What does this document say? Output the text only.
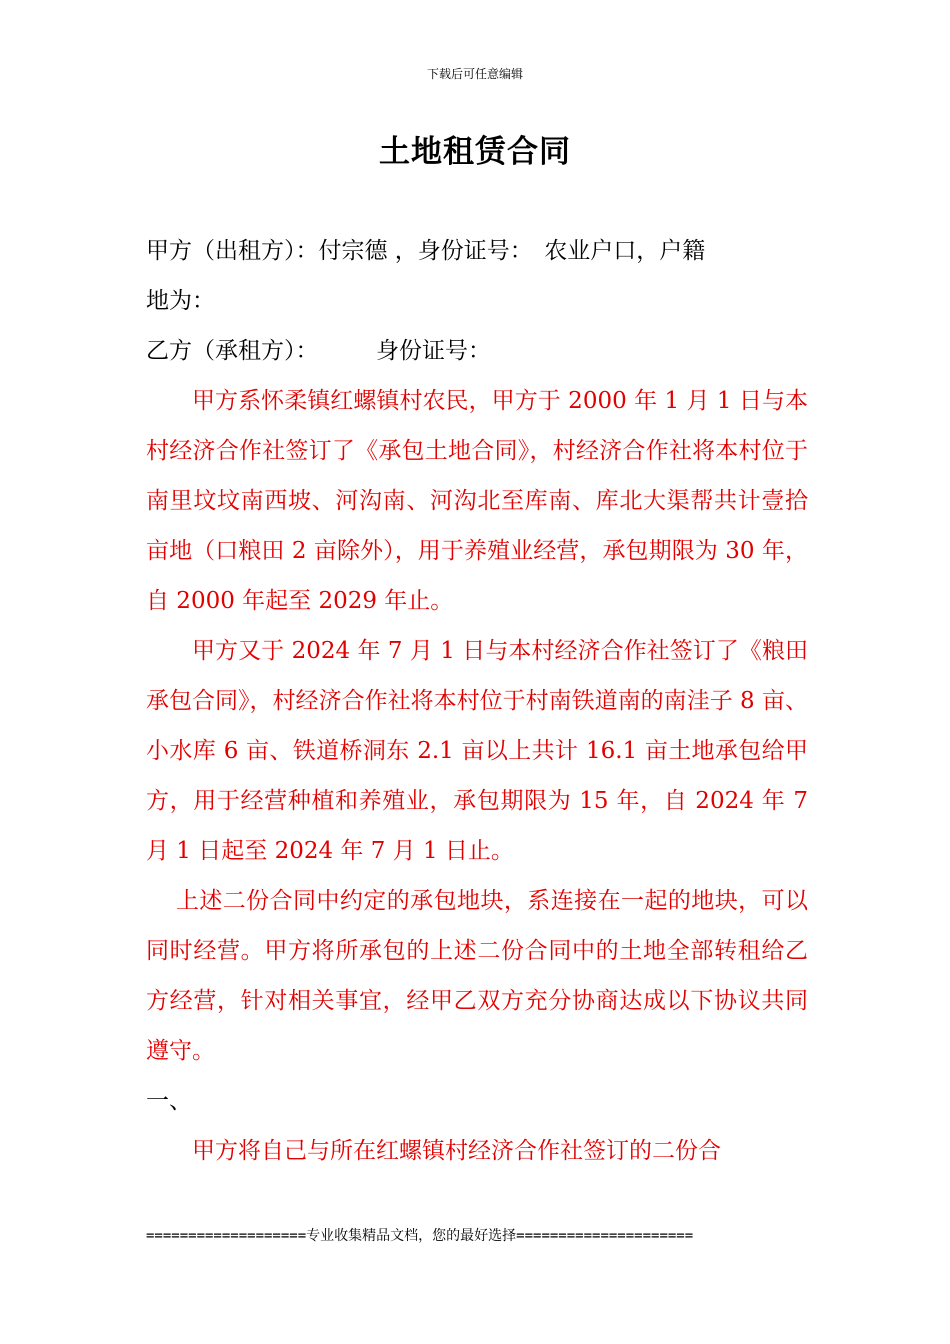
下载后可任意编辑
土地租赁合同

甲方（出租方）：付宗德 ，身份证号：　农业户口，户籍

地为：

乙方（承租方）：　　　身份证号：

甲方系怀柔镇红螺镇村农民，甲方于 2000 年 1 月 1 日与本村经济合作社签订了《承包土地合同》，村经济合作社将本村位于南里坟坟南西坡、河沟南、河沟北至库南、库北大渠帮共计壹拾亩地（口粮田 2 亩除外），用于养殖业经营，承包期限为 30 年，自 2000 年起至 2029 年止。

甲方又于 2024 年 7 月 1 日与本村经济合作社签订了《粮田承包合同》，村经济合作社将本村位于村南铁道南的南洼子 8 亩、小水库 6 亩、铁道桥洞东 2.1 亩以上共计 16.1 亩土地承包给甲方，用于经营种植和养殖业，承包期限为 15 年，自 2024 年 7 月 1 日起至 2024 年 7 月 1 日止。

上述二份合同中约定的承包地块，系连接在一起的地块，可以同时经营。甲方将所承包的上述二份合同中的土地全部转租给乙方经营，针对相关事宜，经甲乙双方充分协商达成以下协议共同遵守。

一、

甲方将自己与所在红螺镇村经济合作社签订的二份合

===================专业收集精品文档，您的最好选择=====================
